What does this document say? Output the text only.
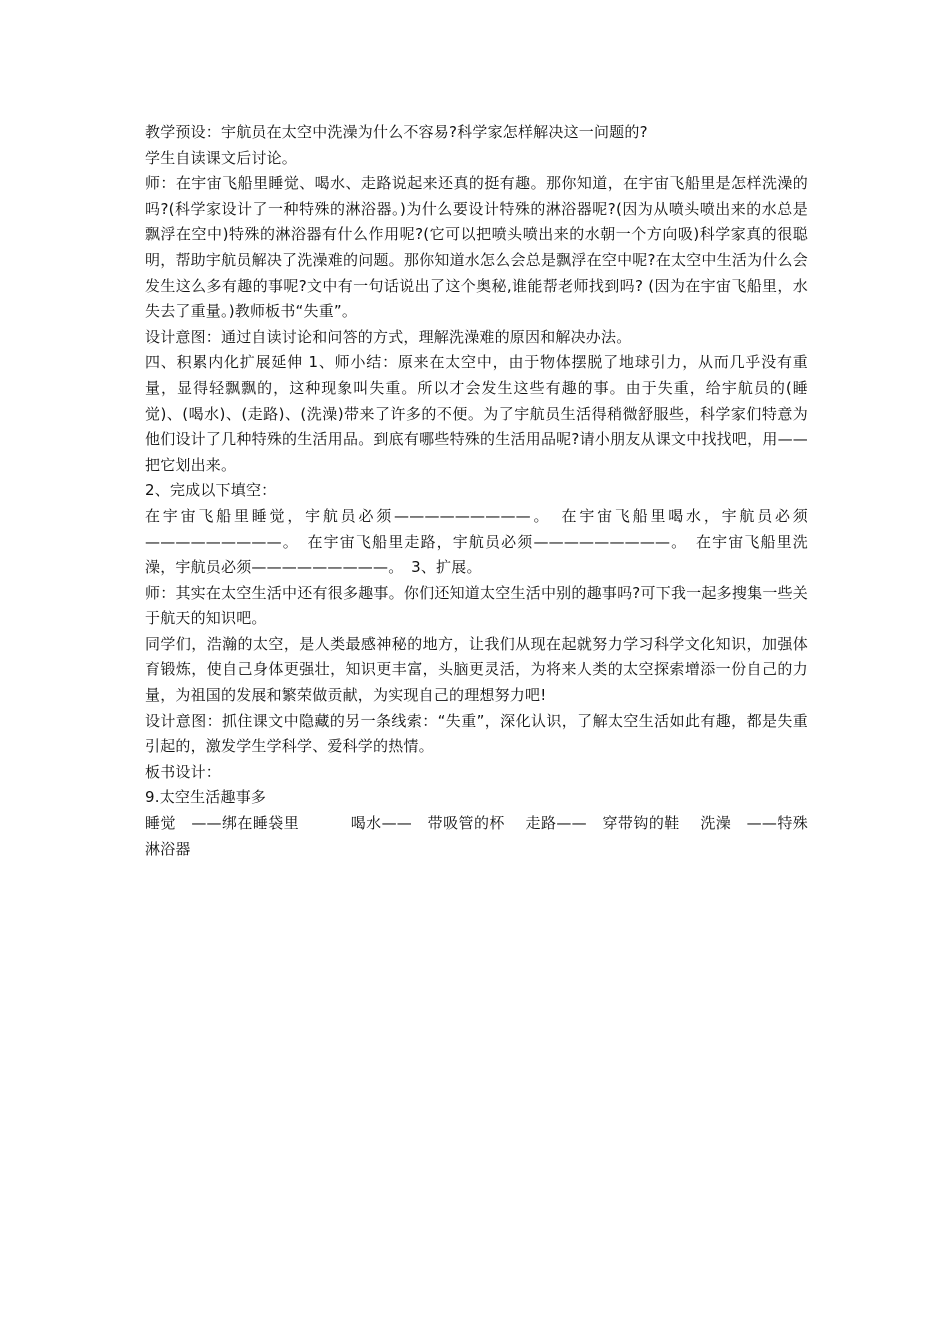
教学预设：宇航员在太空中洗澡为什么不容易?科学家怎样解决这一问题的?

学生自读课文后讨论。

师：在宇宙飞船里睡觉、喝水、走路说起来还真的挺有趣。那你知道，在宇宙飞船里是怎样洗澡的吗?(科学家设计了一种特殊的淋浴器。)为什么要设计特殊的淋浴器呢?(因为从喷头喷出来的水总是飘浮在空中)特殊的淋浴器有什么作用呢?(它可以把喷头喷出来的水朝一个方向吸)科学家真的很聪明，帮助宇航员解决了洗澡难的问题。那你知道水怎么会总是飘浮在空中呢?在太空中生活为什么会发生这么多有趣的事呢?文中有一句话说出了这个奥秘,谁能帮老师找到吗? (因为在宇宙飞船里，水失去了重量。)教师板书“失重”。

设计意图：通过自读讨论和问答的方式，理解洗澡难的原因和解决办法。

四、积累内化扩展延伸 1、师小结：原来在太空中，由于物体摆脱了地球引力，从而几乎没有重量，显得轻飘飘的，这种现象叫失重。所以才会发生这些有趣的事。由于失重，给宇航员的(睡觉)、(喝水)、(走路)、(洗澡)带来了许多的不便。为了宇航员生活得稍微舒服些，科学家们特意为他们设计了几种特殊的生活用品。到底有哪些特殊的生活用品呢?请小朋友从课文中找找吧，用——把它划出来。

2、完成以下填空：

在宇宙飞船里睡觉，宇航员必须—————————。　在宇宙飞船里喝水，宇航员必须—————————。　在宇宙飞船里走路，宇航员必须—————————。　在宇宙飞船里洗澡，宇航员必须—————————。　3、扩展。

师：其实在太空生活中还有很多趣事。你们还知道太空生活中别的趣事吗?可下我一起多搜集一些关于航天的知识吧。

同学们，浩瀚的太空，是人类最感神秘的地方，让我们从现在起就努力学习科学文化知识，加强体育锻炼，使自己身体更强壮，知识更丰富，头脑更灵活，为将来人类的太空探索增添一份自己的力量，为祖国的发展和繁荣做贡献，为实现自己的理想努力吧!

设计意图：抓住课文中隐藏的另一条线索：“失重”，深化认识，了解太空生活如此有趣，都是失重引起的，激发学生学科学、爱科学的热情。

板书设计：

9.太空生活趣事多

睡觉　——绑在睡袋里　　　	喝水——　带吸管的杯　 走路——　穿带钩的鞋　 洗澡　——特殊淋浴器
